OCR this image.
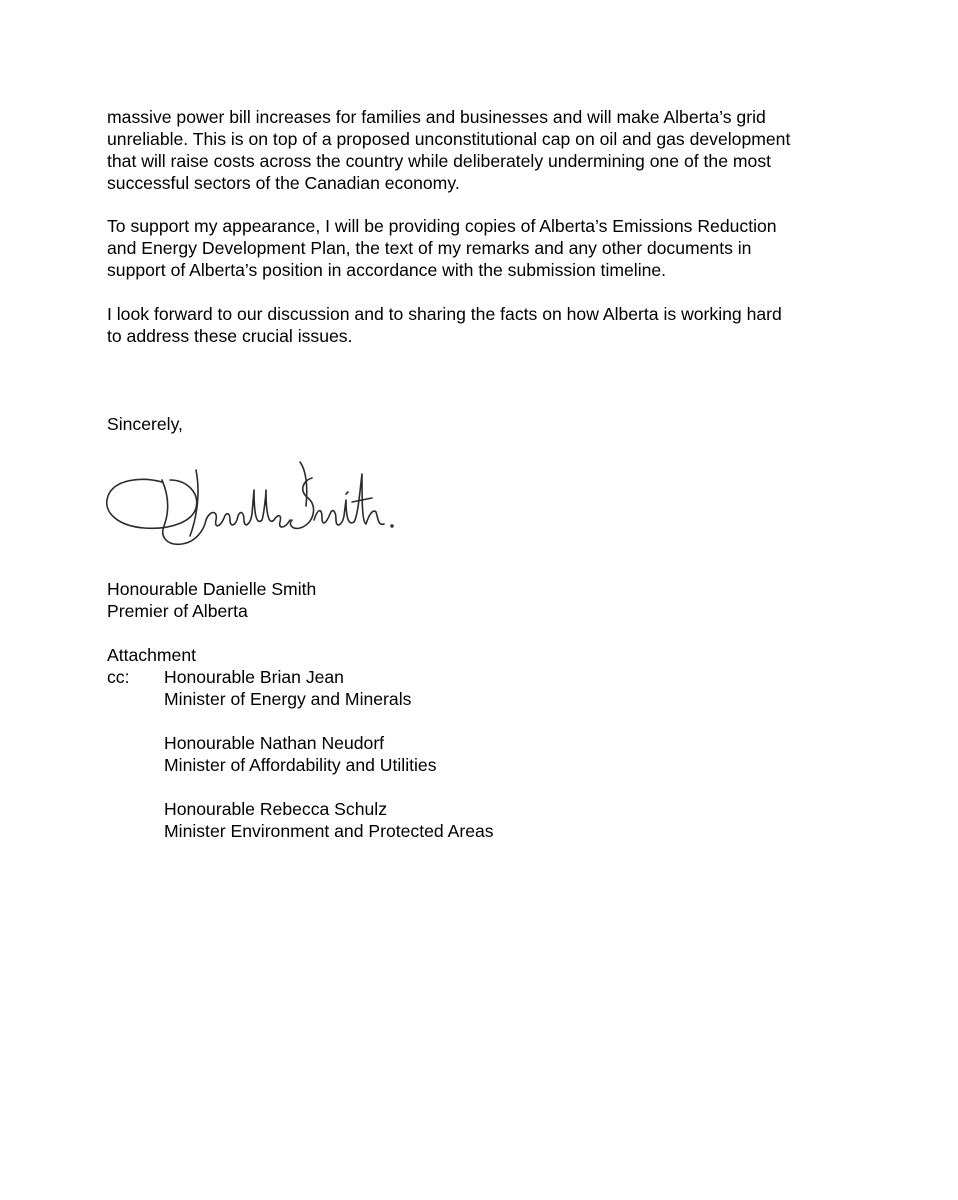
massive power bill increases for families and businesses and will make Alberta’s grid
unreliable. This is on top of a proposed unconstitutional cap on oil and gas development
that will raise costs across the country while deliberately undermining one of the most
successful sectors of the Canadian economy.
To support my appearance, I will be providing copies of Alberta’s Emissions Reduction
and Energy Development Plan, the text of my remarks and any other documents in
support of Alberta’s position in accordance with the submission timeline.
I look forward to our discussion and to sharing the facts on how Alberta is working hard
to address these crucial issues.
Sincerely,
Honourable Danielle Smith
Premier of Alberta
Attachment
cc:	Honourable Brian Jean
Minister of Energy and Minerals
Honourable Nathan Neudorf
Minister of Affordability and Utilities
Honourable Rebecca Schulz
Minister Environment and Protected Areas
